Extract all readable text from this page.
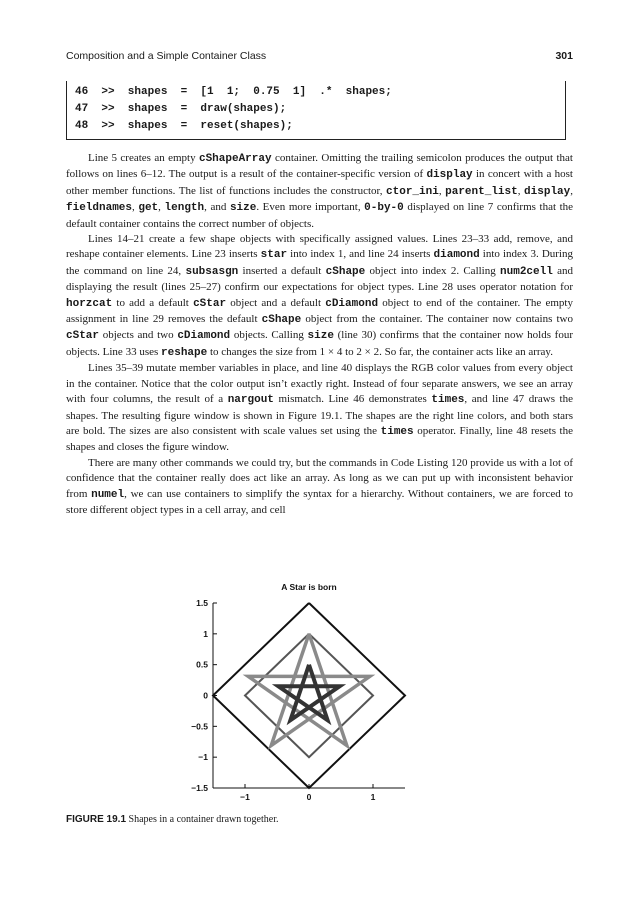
Composition and a Simple Container Class	301
46 >>  shapes  =  [1  1;  0.75  1]  .*  shapes;
47 >>  shapes  =  draw(shapes);
48 >>  shapes  =  reset(shapes);

Line 5 creates an empty cShapeArray container. Omitting the trailing semicolon produces the output that follows on lines 6–12. The output is a result of the container-specific version of display in concert with a host other member functions. The list of functions includes the constructor, ctor_ini, parent_list, display, fieldnames, get, length, and size. Even more important, 0-by-0 displayed on line 7 confirms that the default container contains the correct number of objects.

Lines 14–21 create a few shape objects with specifically assigned values. Lines 23–33 add, remove, and reshape container elements. Line 23 inserts star into index 1, and line 24 inserts diamond into index 3. During the command on line 24, subsasgn inserted a default cShape object into index 2. Calling num2cell and displaying the result (lines 25–27) confirm our expectations for object types. Line 28 uses operator notation for horzcat to add a default cStar object and a default cDiamond object to end of the container. The empty assignment in line 29 removes the default cShape object from the container. The container now contains two cStar objects and two cDiamond objects. Calling size (line 30) confirms that the container now holds four objects. Line 33 uses reshape to changes the size from 1 × 4 to 2 × 2. So far, the container acts like an array.

Lines 35–39 mutate member variables in place, and line 40 displays the RGB color values from every object in the container. Notice that the color output isn’t exactly right. Instead of four separate answers, we see an array with four columns, the result of a nargout mismatch. Line 46 demonstrates times, and line 47 draws the shapes. The resulting figure window is shown in Figure 19.1. The shapes are the right line colors, and both stars are bold. The sizes are also consistent with scale values set using the times operator. Finally, line 48 resets the shapes and closes the figure window.

There are many other commands we could try, but the commands in Code Listing 120 provide us with a lot of confidence that the container really does act like an array. As long as we can put up with inconsistent behavior from numel, we can use containers to simplify the syntax for a hierarchy. Without containers, we are forced to store different object types in a cell array, and cell

A Star is born
1.5
1
0.5
0
−0.5
−1
−1.5
−1	0	1
FIGURE 19.1 Shapes in a container drawn together.
